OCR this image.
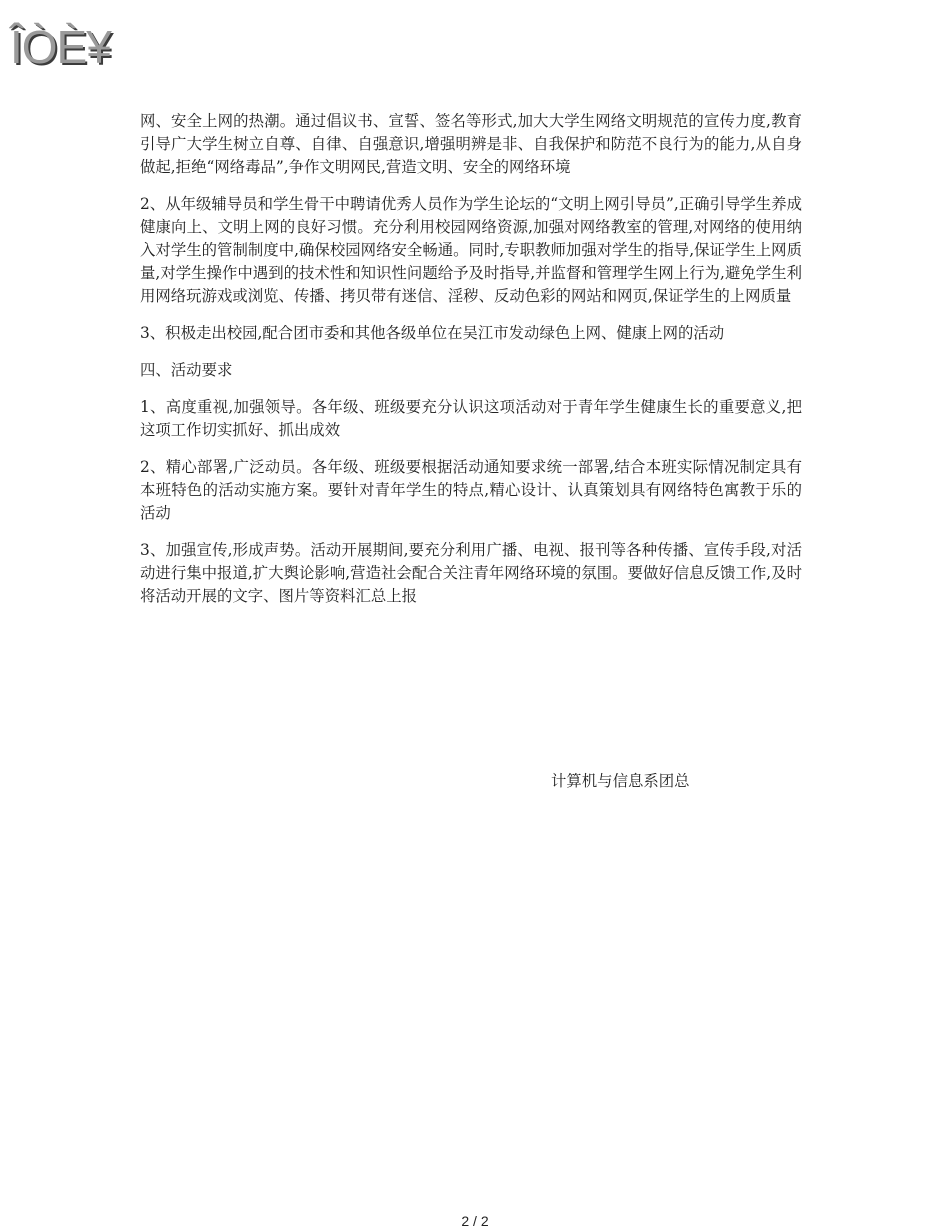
ÎÒÈ¥

网、安全上网的热潮。通过倡议书、宣誓、签名等形式,加大大学生网络文明规范的宣传力度,教育引导广大学生树立自尊、自律、自强意识,增强明辨是非、自我保护和防范不良行为的能力,从自身做起,拒绝“网络毒品”,争作文明网民,营造文明、安全的网络环境

2、从年级辅导员和学生骨干中聘请优秀人员作为学生论坛的“文明上网引导员”,正确引导学生养成健康向上、文明上网的良好习惯。充分利用校园网络资源,加强对网络教室的管理,对网络的使用纳入对学生的管制制度中,确保校园网络安全畅通。同时,专职教师加强对学生的指导,保证学生上网质量,对学生操作中遇到的技术性和知识性问题给予及时指导,并监督和管理学生网上行为,避免学生利用网络玩游戏或浏览、传播、拷贝带有迷信、淫秽、反动色彩的网站和网页,保证学生的上网质量

3、积极走出校园,配合团市委和其他各级单位在吴江市发动绿色上网、健康上网的活动

四、活动要求

1、高度重视,加强领导。各年级、班级要充分认识这项活动对于青年学生健康生长的重要意义,把这项工作切实抓好、抓出成效

2、精心部署,广泛动员。各年级、班级要根据活动通知要求统一部署,结合本班实际情况制定具有本班特色的活动实施方案。要针对青年学生的特点,精心设计、认真策划具有网络特色寓教于乐的活动

3、加强宣传,形成声势。活动开展期间,要充分利用广播、电视、报刊等各种传播、宣传手段,对活动进行集中报道,扩大舆论影响,营造社会配合关注青年网络环境的氛围。要做好信息反馈工作,及时将活动开展的文字、图片等资料汇总上报

计算机与信息系团总
2 / 2
